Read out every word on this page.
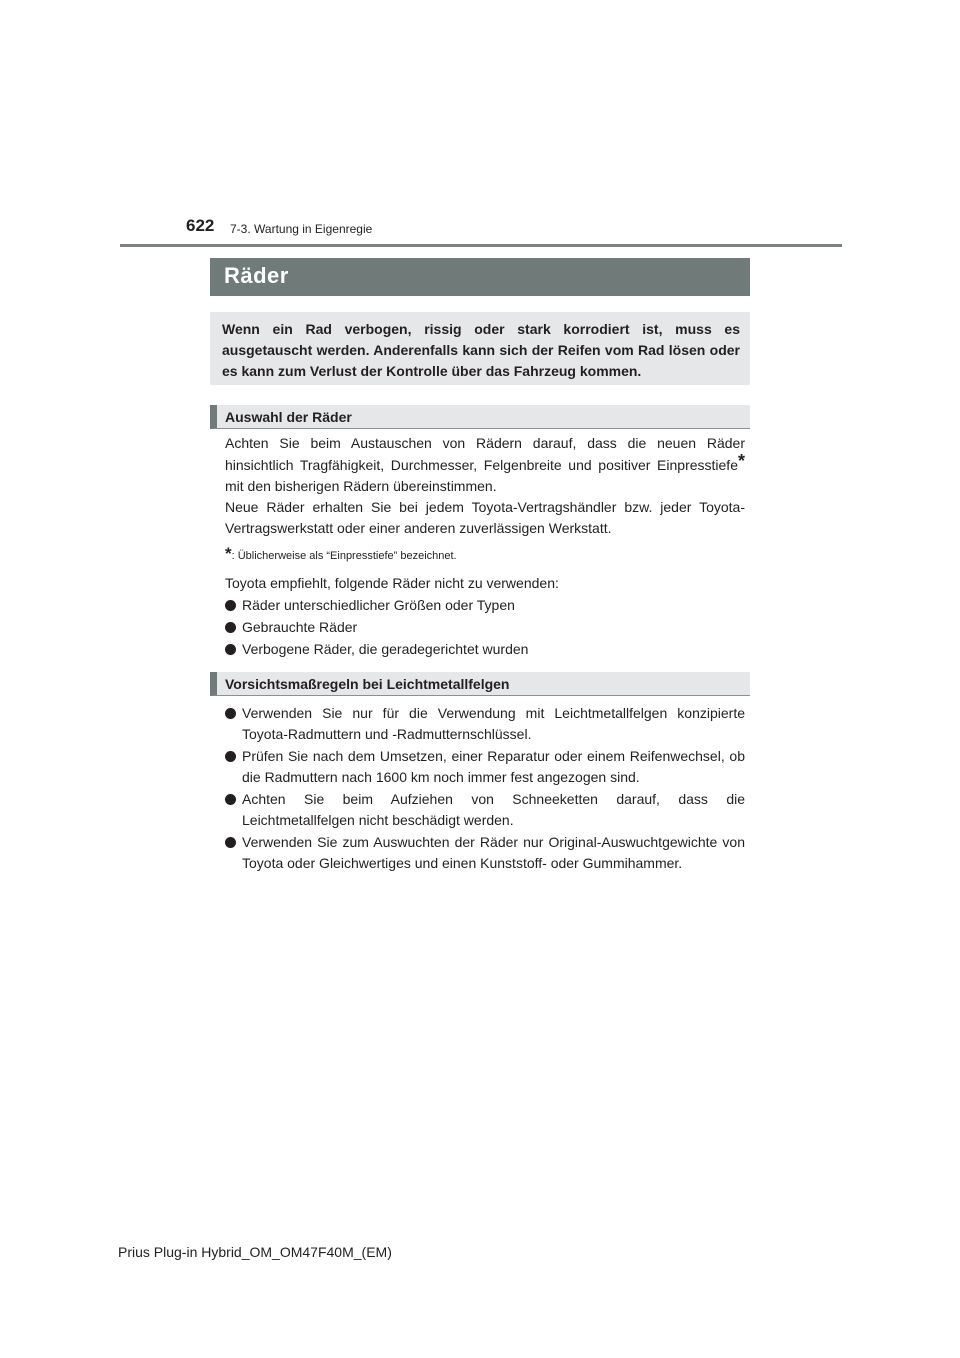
622 7-3. Wartung in Eigenregie
Räder
Wenn ein Rad verbogen, rissig oder stark korrodiert ist, muss es ausgetauscht werden. Anderenfalls kann sich der Reifen vom Rad lösen oder es kann zum Verlust der Kontrolle über das Fahrzeug kommen.
Auswahl der Räder

Achten Sie beim Austauschen von Rädern darauf, dass die neuen Räder hinsichtlich Tragfähigkeit, Durchmesser, Felgenbreite und positiver Einpresstiefe* mit den bisherigen Rädern übereinstimmen.

Neue Räder erhalten Sie bei jedem Toyota-Vertragshändler bzw. jeder Toyota-Vertragswerkstatt oder einer anderen zuverlässigen Werkstatt.

*: Üblicherweise als “Einpresstiefe” bezeichnet.

Toyota empfiehlt, folgende Räder nicht zu verwenden:

Räder unterschiedlicher Größen oder Typen
Gebrauchte Räder
Verbogene Räder, die geradegerichtet wurden
Vorsichtsmaßregeln bei Leichtmetallfelgen
Verwenden Sie nur für die Verwendung mit Leichtmetallfelgen konzipierte Toyota-Radmuttern und -Radmutternschlüssel.
Prüfen Sie nach dem Umsetzen, einer Reparatur oder einem Reifenwechsel, ob die Radmuttern nach 1600 km noch immer fest angezogen sind.
Achten Sie beim Aufziehen von Schneeketten darauf, dass die Leichtmetallfelgen nicht beschädigt werden.
Verwenden Sie zum Auswuchten der Räder nur Original-Auswuchtgewichte von Toyota oder Gleichwertiges und einen Kunststoff- oder Gummihammer.
Prius Plug-in Hybrid_OM_OM47F40M_(EM)
